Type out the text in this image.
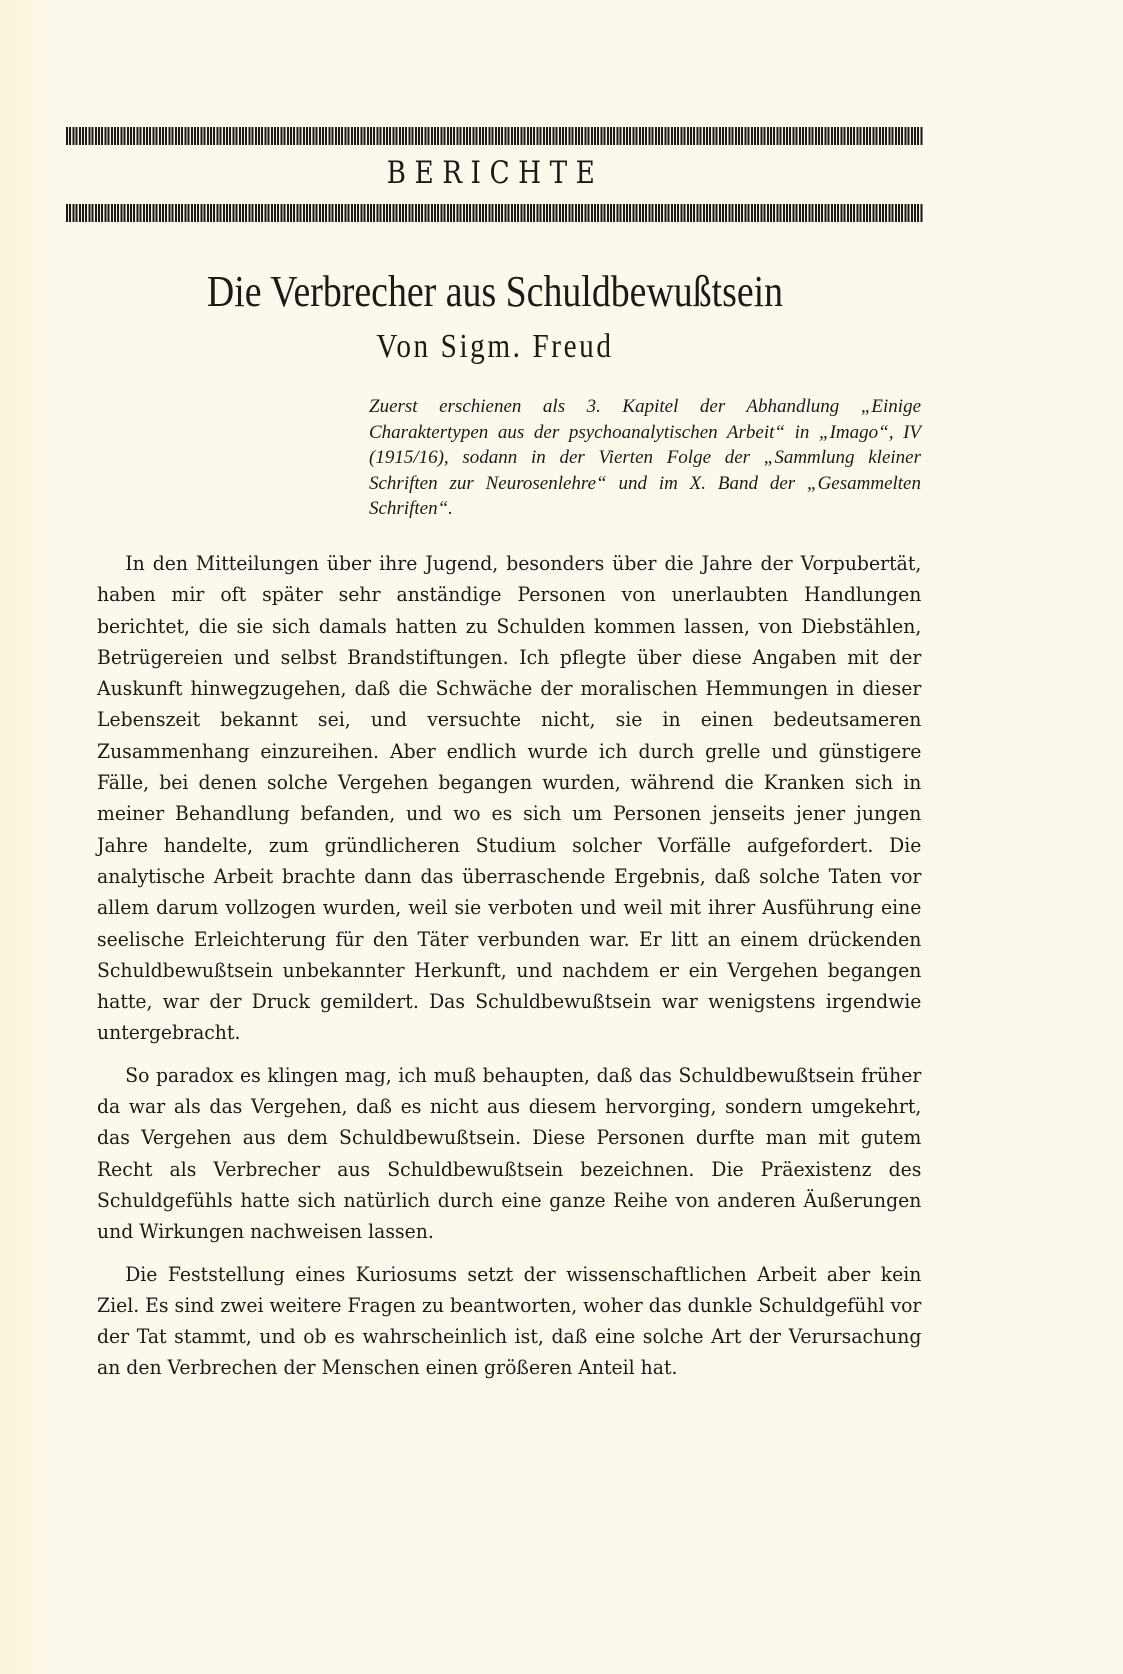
BERICHTE
Die Verbrecher aus Schuldbewußtsein
Von Sigm. Freud

Zuerst erschienen als 3. Kapitel der Abhandlung „Einige Charaktertypen aus der psychoanalytischen Arbeit“ in „Imago“, IV (1915/16), sodann in der Vierten Folge der „Sammlung kleiner Schriften zur Neurosenlehre“ und im X. Band der „Gesammelten Schriften“.

In den Mitteilungen über ihre Jugend, besonders über die Jahre der Vorpubertät, haben mir oft später sehr anständige Personen von unerlaubten Handlungen berichtet, die sie sich damals hatten zu Schulden kommen lassen, von Diebstählen, Betrügereien und selbst Brandstiftungen. Ich pflegte über diese Angaben mit der Auskunft hinwegzugehen, daß die Schwäche der moralischen Hemmungen in dieser Lebenszeit bekannt sei, und versuchte nicht, sie in einen bedeutsameren Zusammenhang einzureihen. Aber endlich wurde ich durch grelle und günstigere Fälle, bei denen solche Vergehen begangen wurden, während die Kranken sich in meiner Behandlung befanden, und wo es sich um Personen jenseits jener jungen Jahre handelte, zum gründlicheren Studium solcher Vorfälle aufgefordert. Die analytische Arbeit brachte dann das überraschende Ergebnis, daß solche Taten vor allem darum vollzogen wurden, weil sie verboten und weil mit ihrer Ausführung eine seelische Erleichterung für den Täter verbunden war. Er litt an einem drückenden Schuldbewußtsein unbekannter Herkunft, und nachdem er ein Vergehen begangen hatte, war der Druck gemildert. Das Schuldbewußtsein war wenigstens irgendwie untergebracht.

So paradox es klingen mag, ich muß behaupten, daß das Schuldbewußtsein früher da war als das Vergehen, daß es nicht aus diesem hervorging, sondern umgekehrt, das Vergehen aus dem Schuldbewußtsein. Diese Personen durfte man mit gutem Recht als Verbrecher aus Schuldbewußtsein bezeichnen. Die Präexistenz des Schuldgefühls hatte sich natürlich durch eine ganze Reihe von anderen Äußerungen und Wirkungen nachweisen lassen.

Die Feststellung eines Kuriosums setzt der wissenschaftlichen Arbeit aber kein Ziel. Es sind zwei weitere Fragen zu beantworten, woher das dunkle Schuldgefühl vor der Tat stammt, und ob es wahrscheinlich ist, daß eine solche Art der Verursachung an den Verbrechen der Menschen einen größeren Anteil hat.
